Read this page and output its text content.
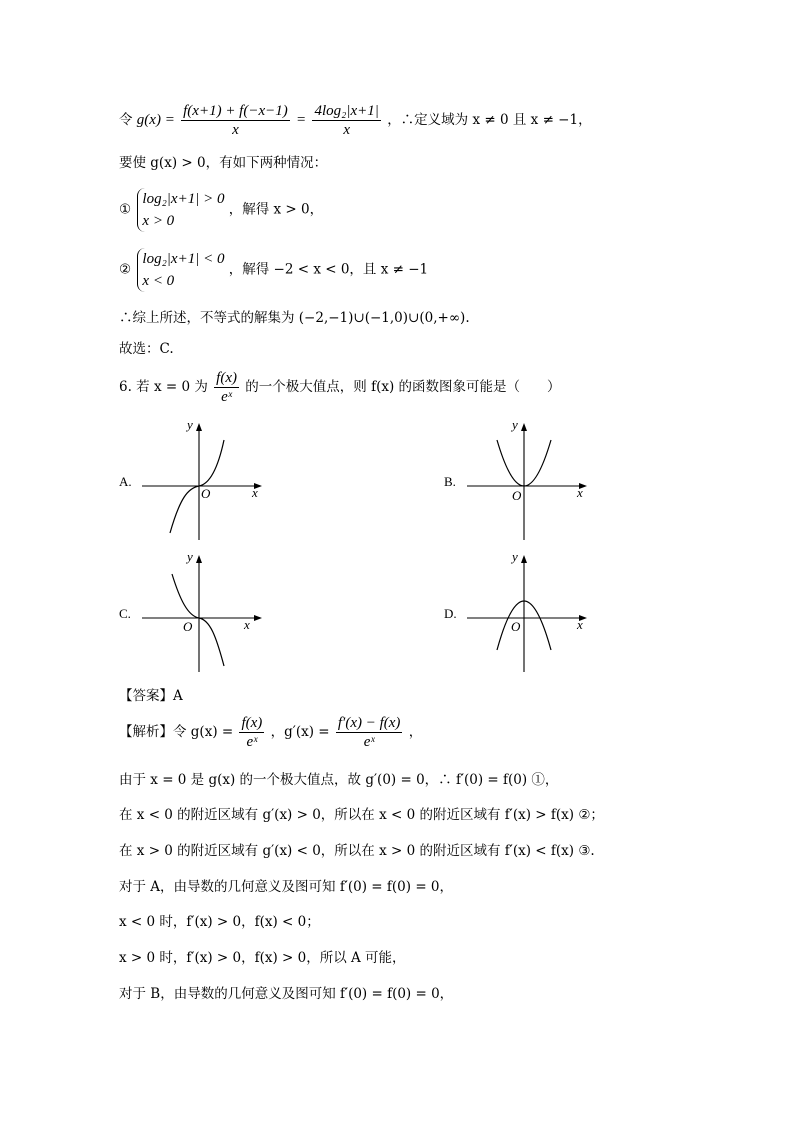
令 $g(x) = \frac{f(x+1) + f(-x-1)}{x} = \frac{\text{4log₂|x+1|}}{x}$ ，∴定义域为 x ≠ 0 且 x ≠ −1，
要使 g(x) > 0，有如下两种情况：
①
log₂|x+1| > 0
x > 0
，解得 x > 0，
②
log₂|x+1| < 0
x < 0
，解得 −2 < x < 0，且 x ≠ −1
∴综上所述，不等式的解集为 (−2,−1)∪(−1,0)∪(0,+∞).
故选：C.
6. 若 x = 0 为 $\frac{f(x)}{\text{eˣ}}$ 的一个极大值点，则 f(x) 的函数图象可能是（　　）
A.
x
y
O
B.
x
y
O
C.
x
y
O
D.
x
y
O
【答案】A
【解析】令 $g(x) = \frac{f(x)}{\text{eˣ}}$ ，$g'(x) = \frac{f'(x) - f(x)}{\text{eˣ}}$ ，
由于 x = 0 是 g(x) 的一个极大值点，故 g′(0) = 0，∴ f′(0) = f(0) ①，
在 x < 0 的附近区域有 g′(x) > 0，所以在 x < 0 的附近区域有 f′(x) > f(x) ②；
在 x > 0 的附近区域有 g′(x) < 0，所以在 x > 0 的附近区域有 f′(x) < f(x) ③.
对于 A，由导数的几何意义及图可知 f′(0) = f(0) = 0，
x < 0 时，f′(x) > 0，f(x) < 0；
x > 0 时，f′(x) > 0，f(x) > 0，所以 A 可能，
对于 B，由导数的几何意义及图可知 f′(0) = f(0) = 0，
